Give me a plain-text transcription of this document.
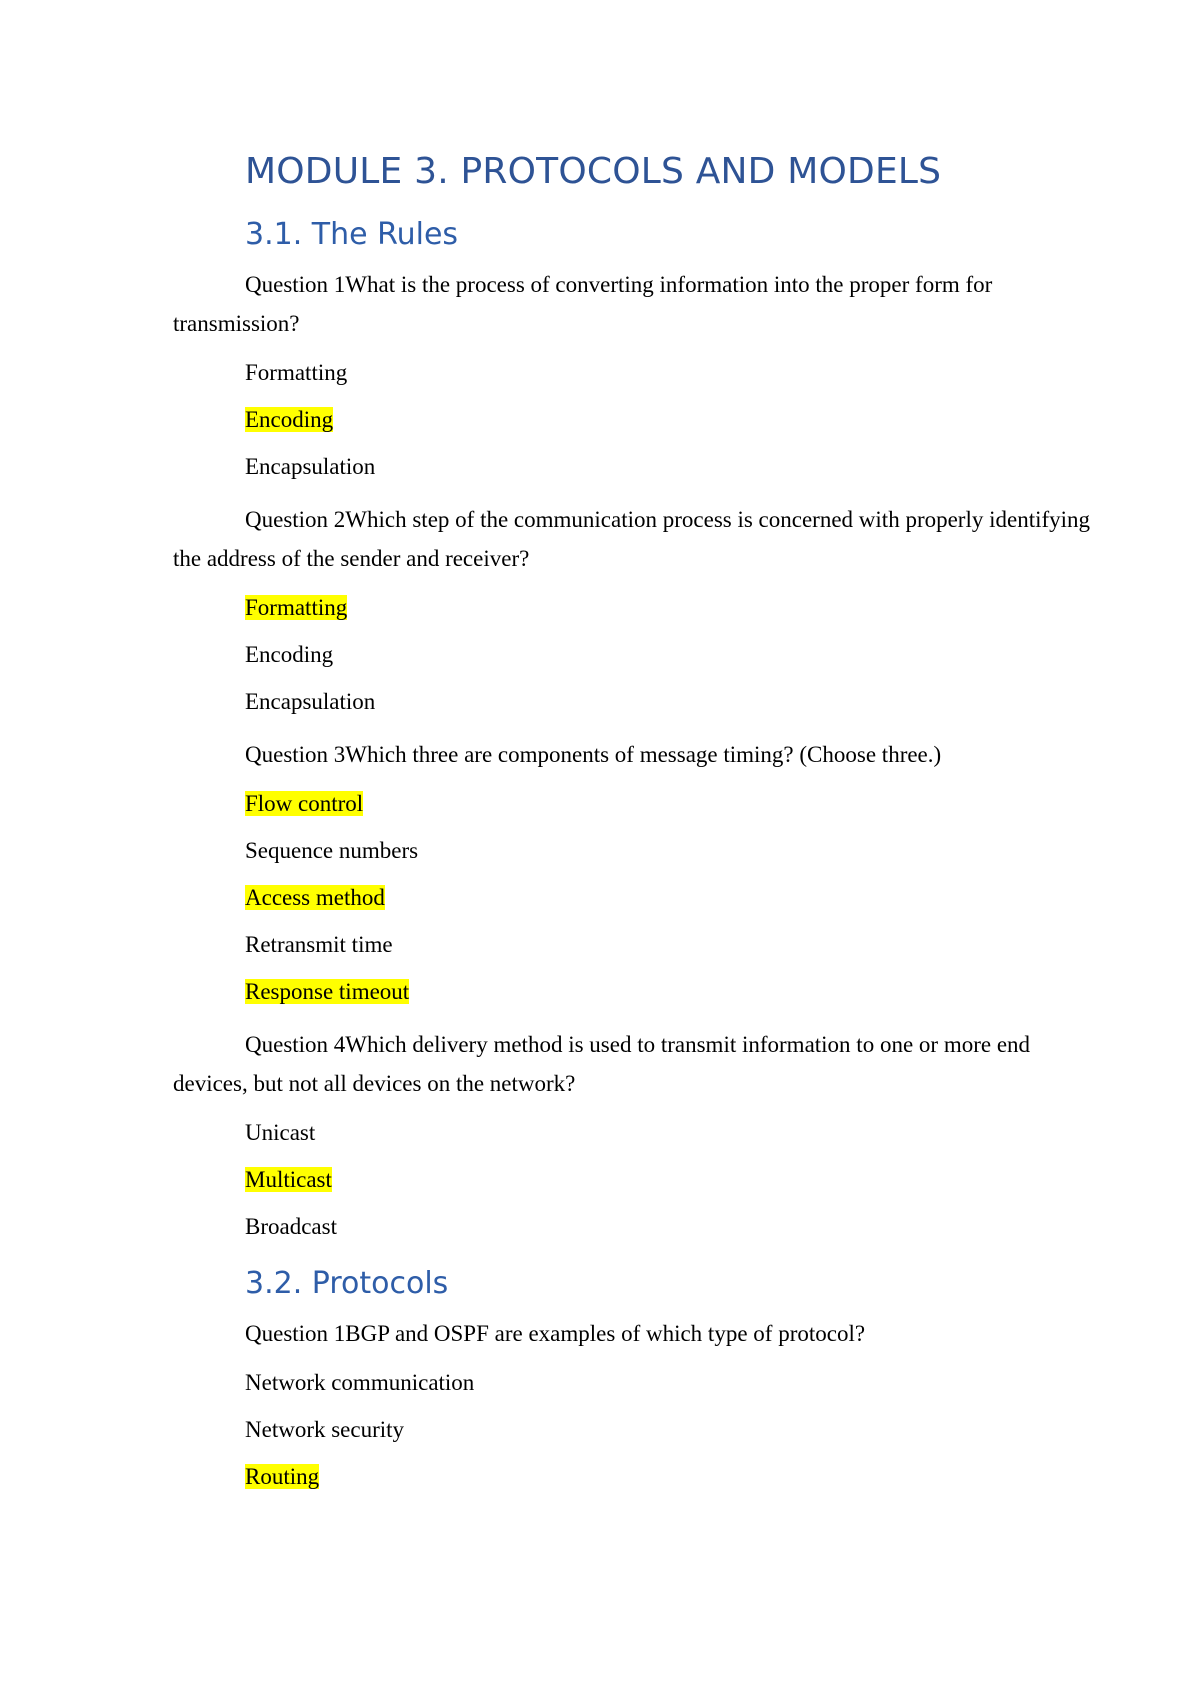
MODULE 3. PROTOCOLS AND MODELS
3.1. The Rules

Question 1What is the process of converting information into the proper form for transmission?

Formatting

Encoding

Encapsulation

Question 2Which step of the communication process is concerned with properly identifying the address of the sender and receiver?

Formatting

Encoding

Encapsulation

Question 3Which three are components of message timing? (Choose three.)

Flow control

Sequence numbers

Access method

Retransmit time

Response timeout

Question 4Which delivery method is used to transmit information to one or more end devices, but not all devices on the network?

Unicast

Multicast

Broadcast

3.2. Protocols

Question 1BGP and OSPF are examples of which type of protocol?

Network communication

Network security

Routing
